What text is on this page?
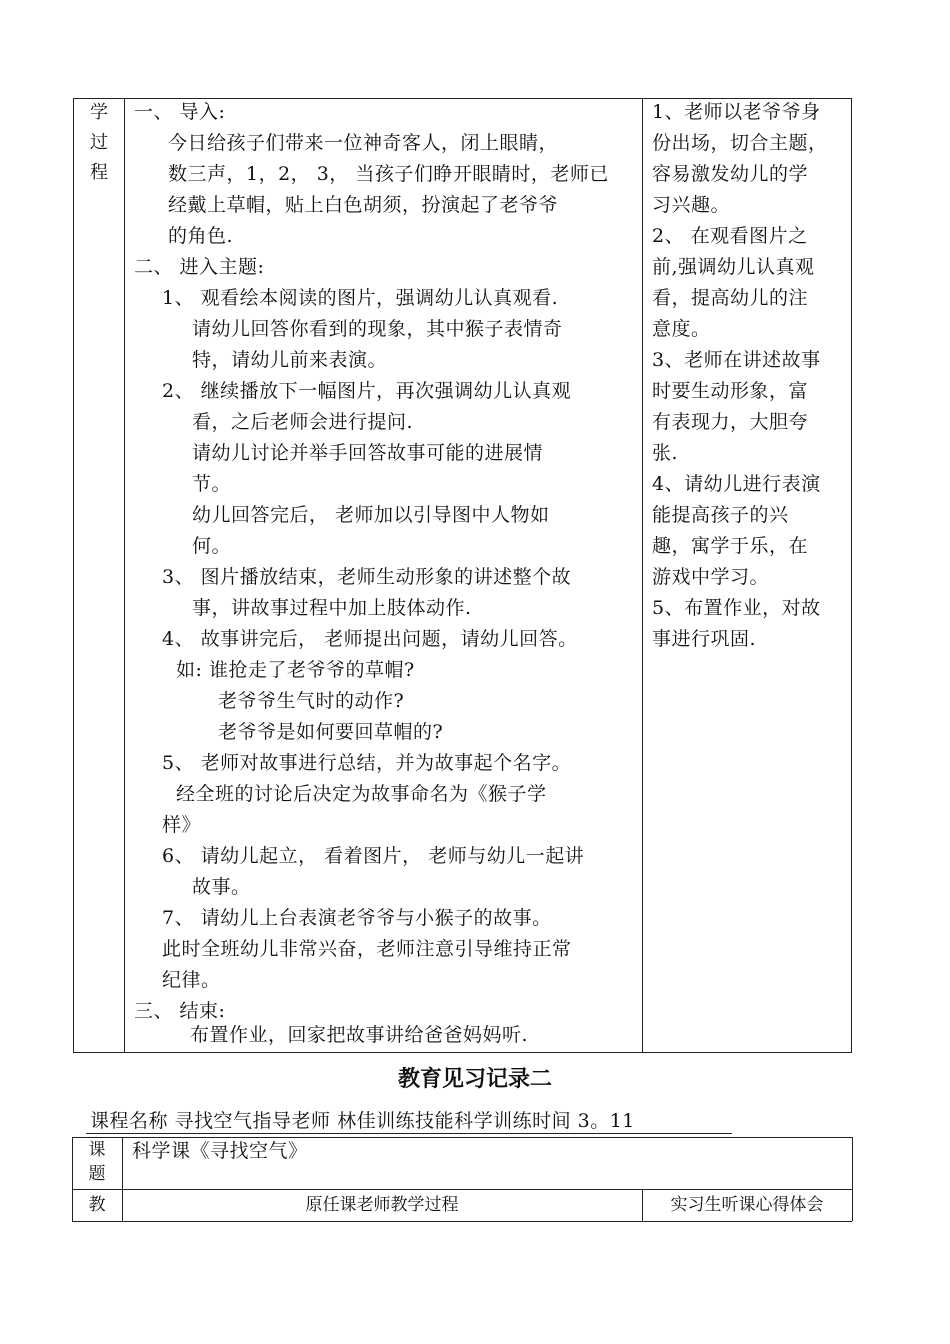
学
过
程
一、 导入:
今日给孩子们带来一位神奇客人，闭上眼睛，
数三声，1，2， 3， 当孩子们睁开眼睛时，老师已
经戴上草帽，贴上白色胡须，扮演起了老爷爷
的角色.
二、 进入主题:
1、 观看绘本阅读的图片，强调幼儿认真观看.
请幼儿回答你看到的现象，其中猴子表情奇
特，请幼儿前来表演。
2、 继续播放下一幅图片，再次强调幼儿认真观
看，之后老师会进行提问.
请幼儿讨论并举手回答故事可能的进展情
节。
幼儿回答完后， 老师加以引导图中人物如
何。
3、 图片播放结束，老师生动形象的讲述整个故
事，讲故事过程中加上肢体动作.
4、 故事讲完后， 老师提出问题，请幼儿回答。
如: 谁抢走了老爷爷的草帽?
老爷爷生气时的动作?
老爷爷是如何要回草帽的?
5、 老师对故事进行总结，并为故事起个名字。
经全班的讨论后决定为故事命名为《猴子学
样》
6、 请幼儿起立， 看着图片， 老师与幼儿一起讲
故事。
7、 请幼儿上台表演老爷爷与小猴子的故事。
此时全班幼儿非常兴奋，老师注意引导维持正常
纪律。
三、 结束:
布置作业，回家把故事讲给爸爸妈妈听.
1、老师以老爷爷身
份出场，切合主题，
容易激发幼儿的学
习兴趣。
2、 在观看图片之
前,强调幼儿认真观
看，提高幼儿的注
意度。
3、老师在讲述故事
时要生动形象，富
有表现力，大胆夸
张.
4、请幼儿进行表演
能提高孩子的兴
趣，寓学于乐，在
游戏中学习。
5、布置作业，对故
事进行巩固.
教育见习记录二
课程名称 寻找空气指导老师 林佳训练技能科学训练时间 3。11
课
题
科学课《寻找空气》
教	原任课老师教学过程	实习生听课心得体会
